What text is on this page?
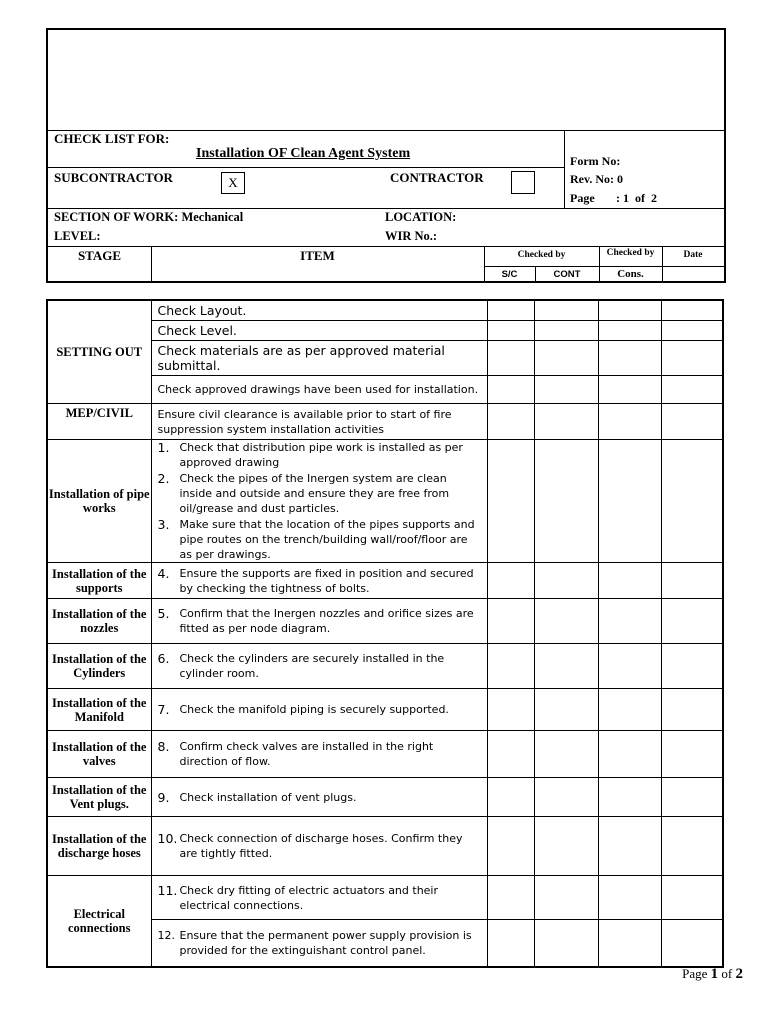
CHECK LIST FOR:
Installation OF Clean Agent System
SUBCONTRACTOR	X	CONTRACTOR
Form No:
Rev. No: 0
Page : 1  of  2
SECTION OF WORK: Mechanical	LOCATION:
LEVEL:	WIR No.:
STAGE	ITEM	Checked by	Checked by	Date
S/C	CONT	Cons.
SETTING OUT	Check Layout.				
	Check Level.				
	Check materials are as per approved material submittal.				
	Check approved drawings have been used for installation.				
MEP/CIVIL	Ensure civil clearance is available prior to start of fire suppression system installation activities				
Installation of pipe works	1. Check that distribution pipe work is installed as per approved drawing
2. Check the pipes of the Inergen system are clean inside and outside and ensure they are free from oil/grease and dust particles.
3. Make sure that the location of the pipes supports and pipe routes on the trench/building wall/roof/floor are as per drawings.				

Installation of the supports	4. Ensure the supports are fixed in position and secured by checking the tightness of bolts.				
Installation of the nozzles	5. Confirm that the Inergen nozzles and orifice sizes are fitted as per node diagram.				
Installation of the Cylinders	6. Check the cylinders are securely installed in the cylinder room.				
Installation of the Manifold	7. Check the manifold piping is securely supported.				
Installation of the valves	8. Confirm check valves are installed in the right direction of flow.				
Installation of the Vent plugs.	9. Check installation of vent plugs.				
Installation of the discharge hoses	10. Check connection of discharge hoses. Confirm they are tightly fitted.				
Electrical connections	11. Check dry fitting of electric actuators and their electrical connections.				
	12. Ensure that the permanent power supply provision is provided for the extinguishant control panel.				
Page 1 of 2
